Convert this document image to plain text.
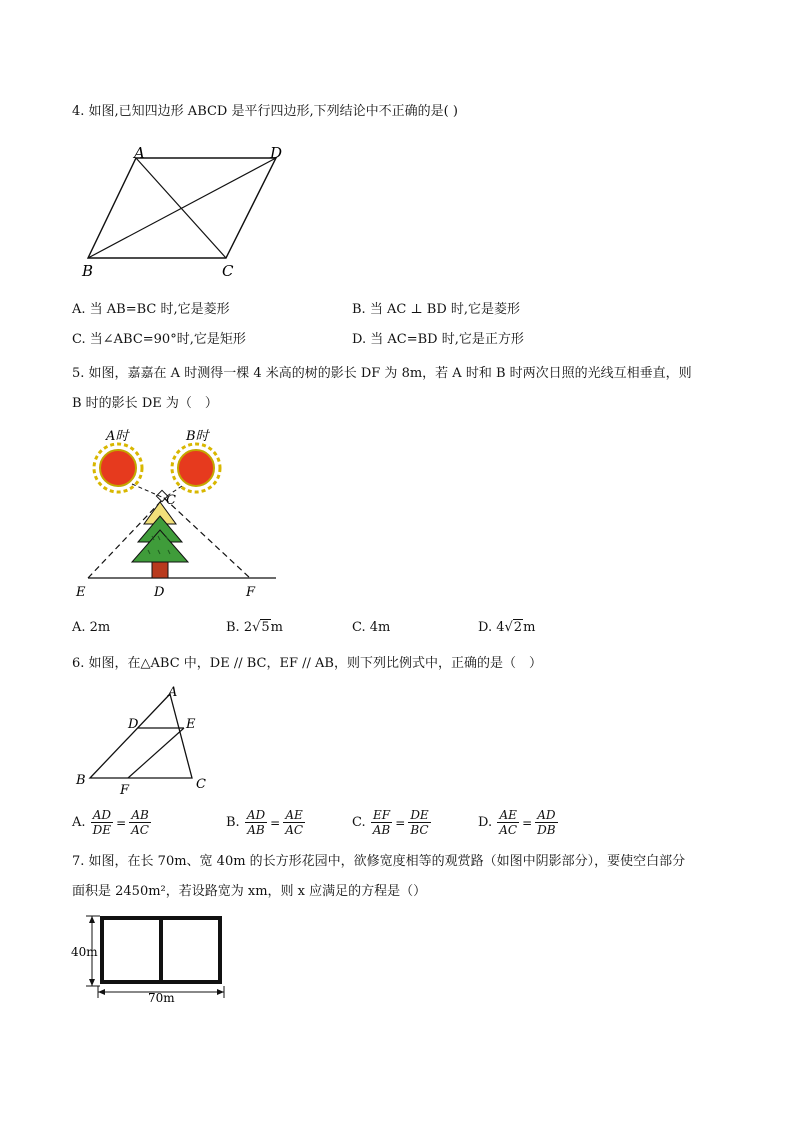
4. 如图,已知四边形 ABCD 是平行四边形,下列结论中不正确的是( )
A	D
B	C
A. 当 AB=BC 时,它是菱形	B. 当 AC ⊥ BD 时,它是菱形
C. 当∠ABC=90°时,它是矩形	D. 当 AC=BD 时,它是正方形
5. 如图，嘉嘉在 A 时测得一棵 4 米高的树的影长 DF 为 8m，若 A 时和 B 时两次日照的光线互相垂直，则
B 时的影长 DE 为（　）
A时	B时
C
E	D	F
A. 2m	B. 2√5m	C. 4m	D. 4√2m
6. 如图，在△ABC 中，DE // BC，EF // AB，则下列比例式中，正确的是（　）
A
D	E
B	C
F
A. $\frac{AD}{DE} = \frac{AB}{AC}$	B. $\frac{AD}{AB} = \frac{AE}{AC}$	C. $\frac{EF}{AB} = \frac{DE}{BC}$	D. $\frac{AE}{AC} = \frac{AD}{DB}$
7. 如图，在长 70m、宽 40m 的长方形花园中，欲修宽度相等的观赏路（如图中阴影部分），要使空白部分
面积是 2450m²，若设路宽为 xm，则 x 应满足的方程是（）
40m
70m
